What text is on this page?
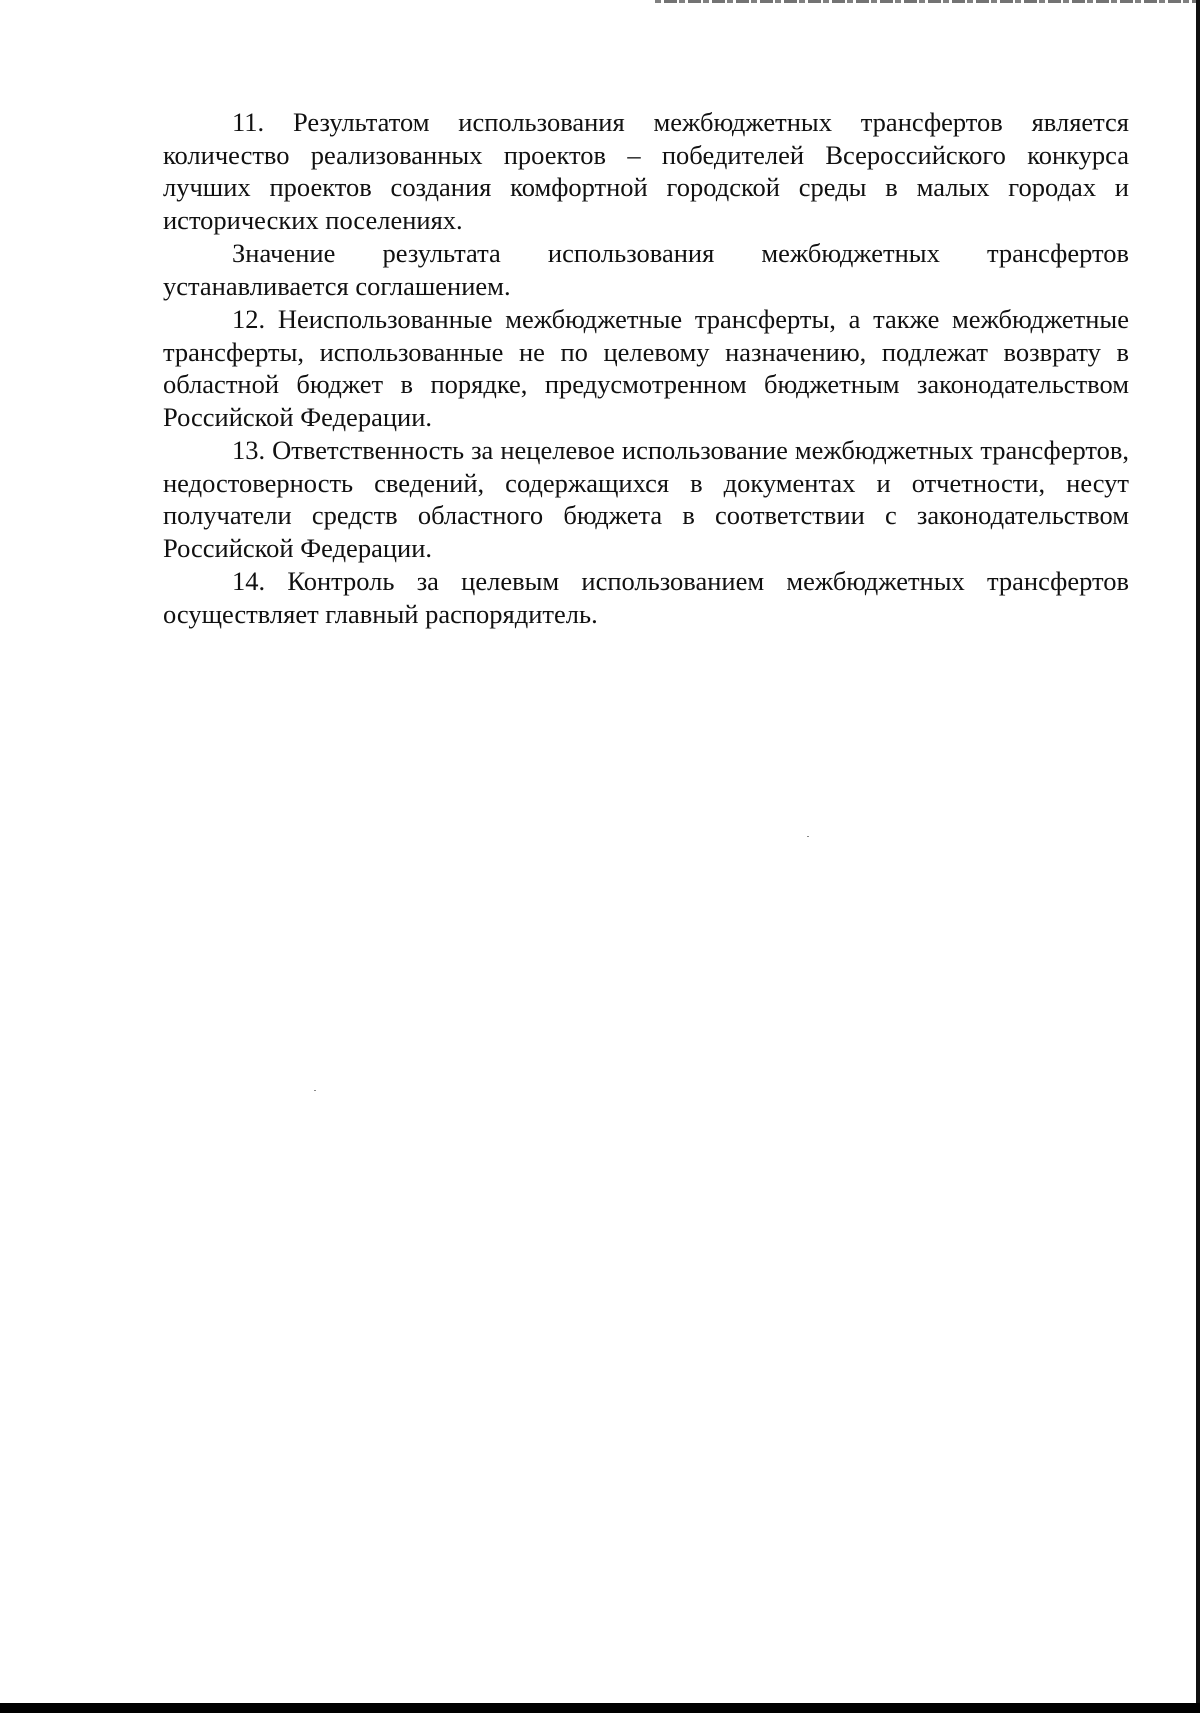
11. Результатом использования межбюджетных трансфертов является количество реализованных проектов – победителей Всероссийского конкурса лучших проектов создания комфортной городской среды в малых городах и исторических поселениях.

Значение результата использования межбюджетных трансфертов устанавливается соглашением.

12. Неиспользованные межбюджетные трансферты, а также межбюджетные трансферты, использованные не по целевому назначению, подлежат возврату в областной бюджет в порядке, предусмотренном бюджетным законодательством Российской Федерации.

13. Ответственность за нецелевое использование межбюджетных трансфертов, недостоверность сведений, содержащихся в документах и отчетности, несут получатели средств областного бюджета в соответствии с законодательством Российской Федерации.

14. Контроль за целевым использованием межбюджетных трансфертов осуществляет главный распорядитель.
